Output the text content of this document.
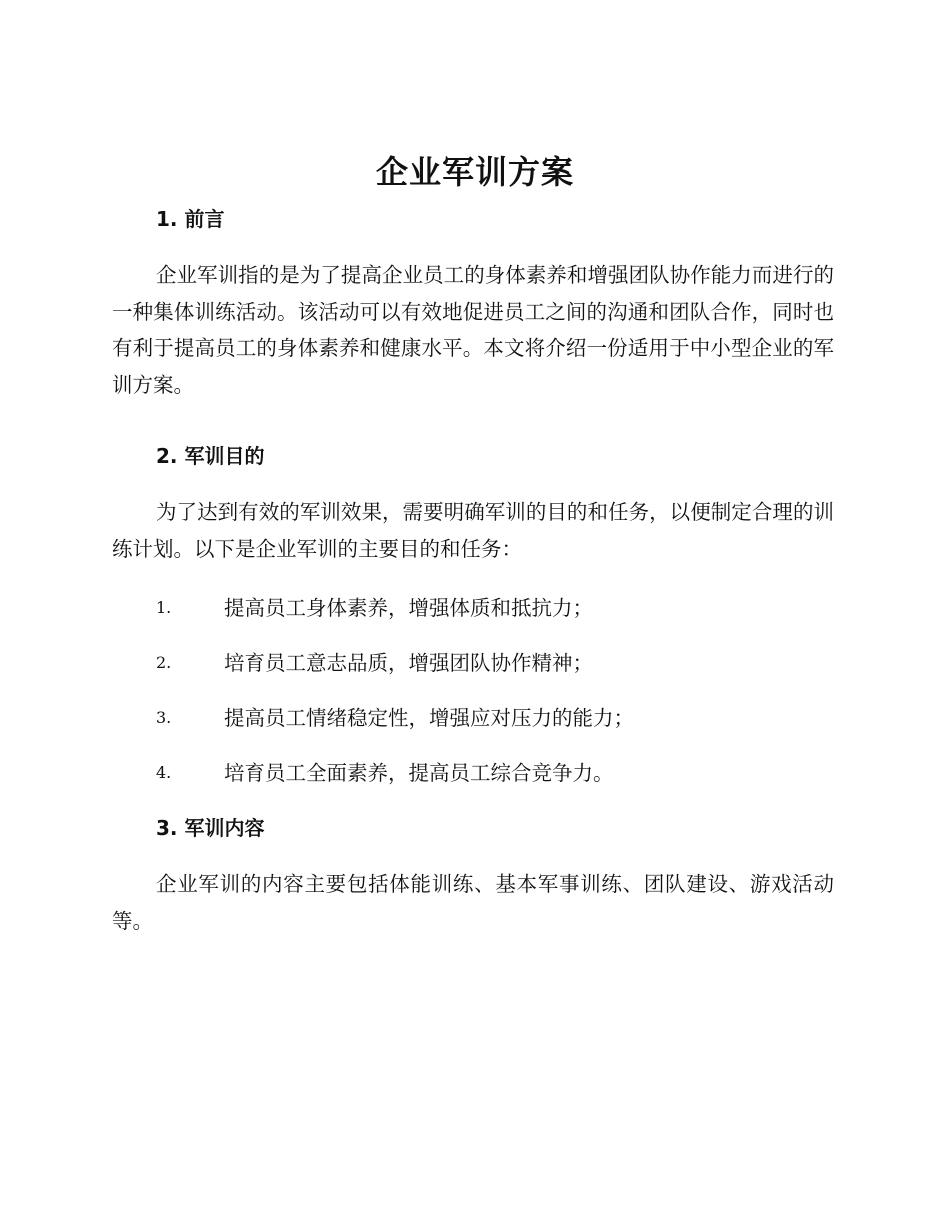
企业军训方案
1. 前言

企业军训指的是为了提高企业员工的身体素养和增强团队协作能力而进行的一种集体训练活动。该活动可以有效地促进员工之间的沟通和团队合作，同时也有利于提高员工的身体素养和健康水平。本文将介绍一份适用于中小型企业的军训方案。

2. 军训目的

为了达到有效的军训效果，需要明确军训的目的和任务，以便制定合理的训练计划。以下是企业军训的主要目的和任务：

1.	提高员工身体素养，增强体质和抵抗力；
2.	培育员工意志品质，增强团队协作精神；
3.	提高员工情绪稳定性，增强应对压力的能力；
4.	培育员工全面素养，提高员工综合竞争力。
3. 军训内容

企业军训的内容主要包括体能训练、基本军事训练、团队建设、游戏活动等。
